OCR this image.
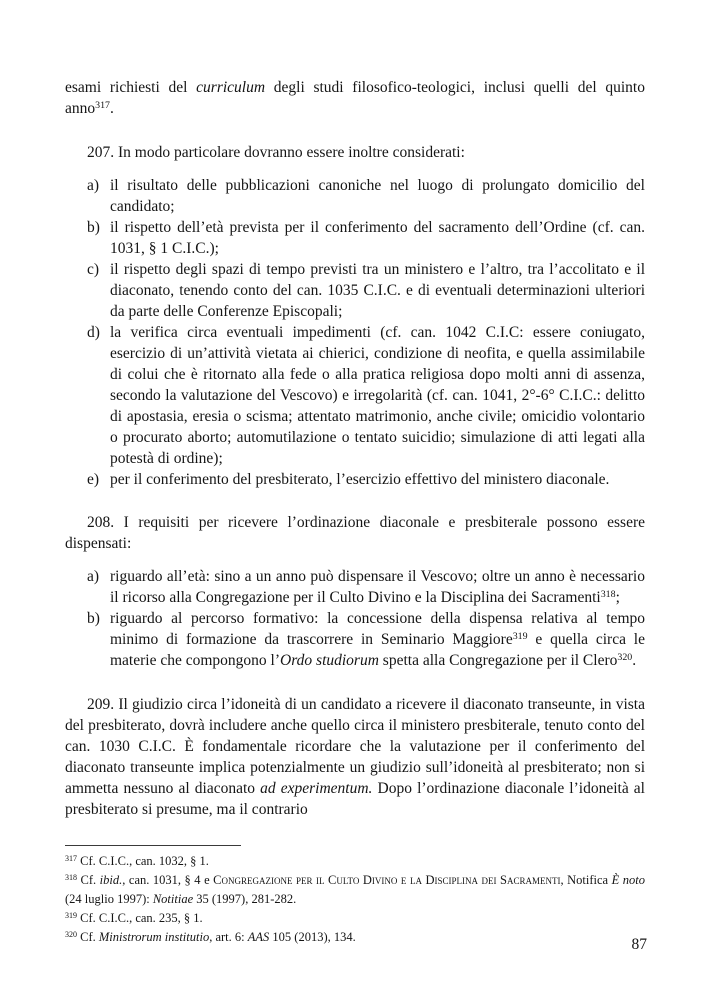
esami richiesti del curriculum degli studi filosofico-teologici, inclusi quelli del quinto anno$^{317}$.

207. In modo particolare dovranno essere inoltre considerati:

a) il risultato delle pubblicazioni canoniche nel luogo di prolungato domicilio del candidato;
b) il rispetto dell’età prevista per il conferimento del sacramento dell’Ordine (cf. can. 1031, § 1 C.I.C.);
c) il rispetto degli spazi di tempo previsti tra un ministero e l’altro, tra l’accolitato e il diaconato, tenendo conto del can. 1035 C.I.C. e di eventuali determinazioni ulteriori da parte delle Conferenze Episcopali;
d) la verifica circa eventuali impedimenti (cf. can. 1042 C.I.C: essere coniugato, esercizio di un’attività vietata ai chierici, condizione di neofita, e quella assimilabile di colui che è ritornato alla fede o alla pratica religiosa dopo molti anni di assenza, secondo la valutazione del Vescovo) e irregolarità (cf. can. 1041, 2°-6° C.I.C.: delitto di apostasia, eresia o scisma; attentato matrimonio, anche civile; omicidio volontario o procurato aborto; automutilazione o tentato suicidio; simulazione di atti legati alla potestà di ordine);
e) per il conferimento del presbiterato, l’esercizio effettivo del ministero diaconale.

208. I requisiti per ricevere l’ordinazione diaconale e presbiterale possono essere dispensati:

a) riguardo all’età: sino a un anno può dispensare il Vescovo; oltre un anno è necessario il ricorso alla Congregazione per il Culto Divino e la Disciplina dei Sacramenti$^{318}$;
b) riguardo al percorso formativo: la concessione della dispensa relativa al tempo minimo di formazione da trascorrere in Seminario Maggiore$^{319}$ e quella circa le materie che compongono l’Ordo studiorum spetta alla Congregazione per il Clero$^{320}$.

209. Il giudizio circa l’idoneità di un candidato a ricevere il diaconato transeunte, in vista del presbiterato, dovrà includere anche quello circa il ministero presbiterale, tenuto conto del can. 1030 C.I.C. È fondamentale ricordare che la valutazione per il conferimento del diaconato transeunte implica potenzialmente un giudizio sull’idoneità al presbiterato; non si ammetta nessuno al diaconato ad experimentum. Dopo l’ordinazione diaconale l’idoneità al presbiterato si presume, ma il contrario

$^{317}$ Cf. C.I.C., can. 1032, § 1.

$^{318}$ Cf. ibid., can. 1031, § 4 e Congregazione per il Culto Divino e la Disciplina dei Sacramenti, Notifica È noto (24 luglio 1997): Notitiae 35 (1997), 281-282.

$^{319}$ Cf. C.I.C., can. 235, § 1.

$^{320}$ Cf. Ministrorum institutio, art. 6: AAS 105 (2013), 134.	87
